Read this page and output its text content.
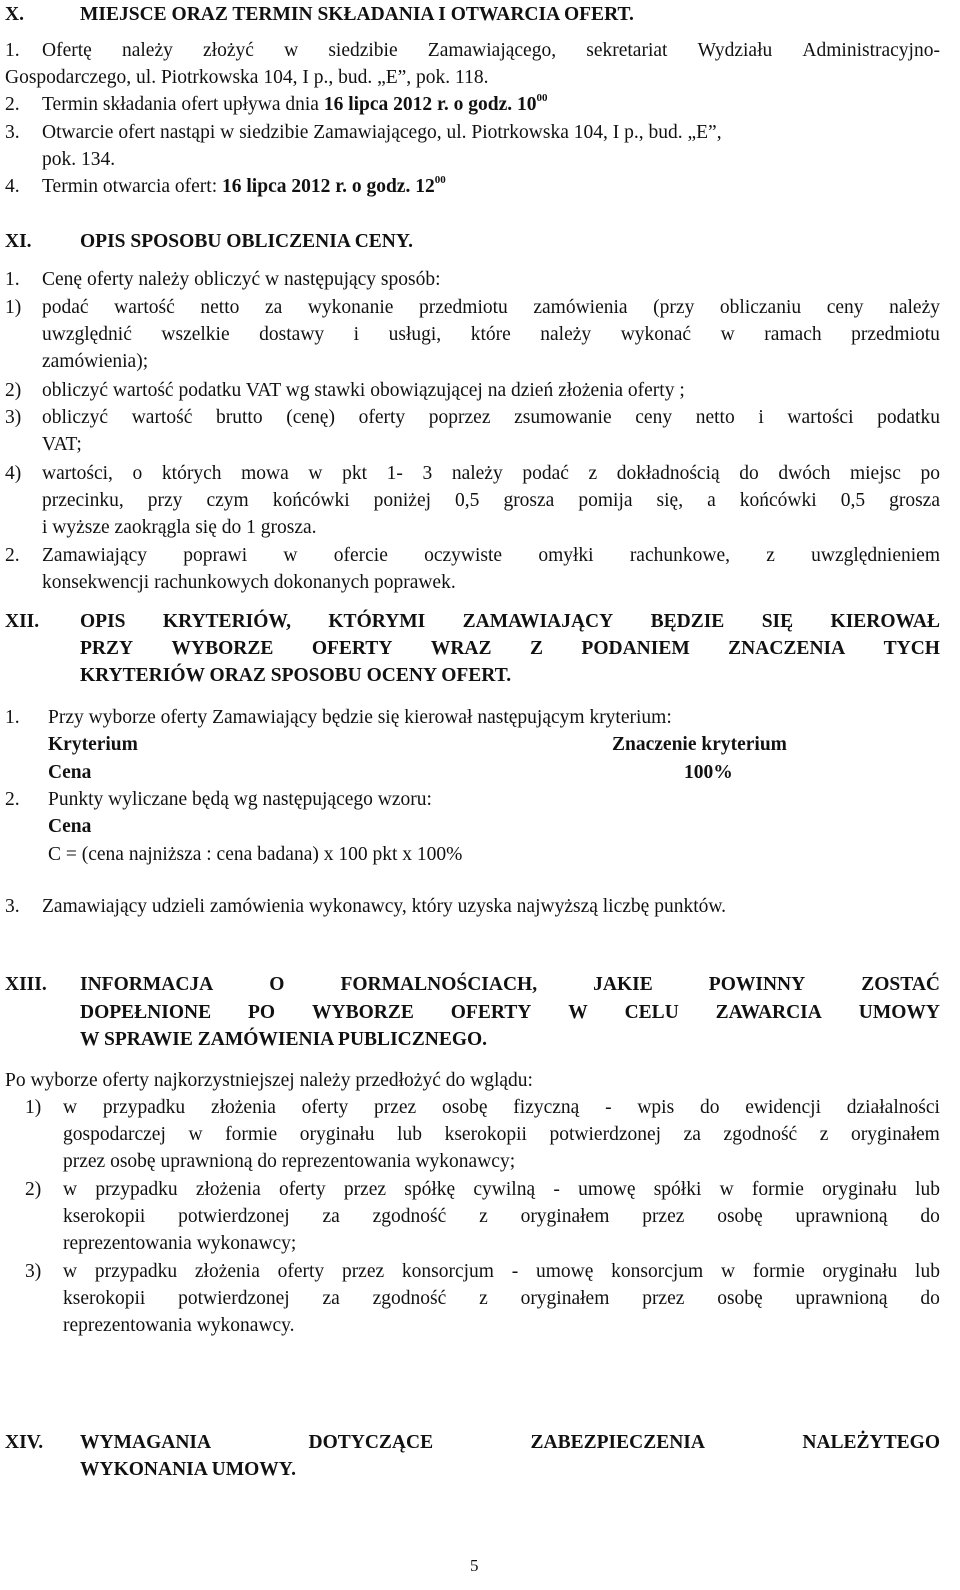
X.	MIEJSCE ORAZ TERMIN SKŁADANIA I OTWARCIA OFERT.
1. Ofertę należy złożyć w siedzibie Zamawiającego, sekretariat Wydziału Administracyjno-
Gospodarczego, ul. Piotrkowska 104, I p., bud. „E”, pok. 118.
2. Termin składania ofert upływa dnia 16 lipca 2012 r. o godz. $10^{00}$
3. Otwarcie ofert nastąpi w siedzibie Zamawiającego, ul. Piotrkowska 104, I p., bud. „E”,
pok. 134.
4. Termin otwarcia ofert: 16 lipca 2012 r. o godz. $12^{00}$
XI. OPIS SPOSOBU OBLICZENIA CENY.
1. Cenę oferty należy obliczyć w następujący sposób:
1) podać wartość netto za wykonanie przedmiotu zamówienia (przy obliczaniu ceny należy
uwzględnić wszelkie dostawy i usługi, które należy wykonać w ramach przedmiotu
zamówienia);
2) obliczyć wartość podatku VAT wg stawki obowiązującej na dzień złożenia oferty ;
3) obliczyć wartość brutto (cenę) oferty poprzez zsumowanie ceny netto i wartości podatku
VAT;
4) wartości, o których mowa w pkt 1- 3 należy podać z dokładnością do dwóch miejsc po
przecinku, przy czym końcówki poniżej 0,5 grosza pomija się, a końcówki 0,5 grosza
i wyższe zaokrągla się do 1 grosza.
2. Zamawiający poprawi w ofercie oczywiste omyłki rachunkowe, z uwzględnieniem
konsekwencji rachunkowych dokonanych poprawek.
XII. OPIS KRYTERIÓW, KTÓRYMI ZAMAWIAJĄCY BĘDZIE SIĘ KIEROWAŁ
PRZY WYBORZE OFERTY WRAZ Z PODANIEM ZNACZENIA TYCH
KRYTERIÓW ORAZ SPOSOBU OCENY OFERT.
1. Przy wyborze oferty Zamawiający będzie się kierował następującym kryterium:
Kryterium	Znaczenie kryterium
Cena	100%
2. Punkty wyliczane będą wg następującego wzoru:
Cena
C = (cena najniższa : cena badana) x 100 pkt x 100%
3. Zamawiający udzieli zamówienia wykonawcy, który uzyska najwyższą liczbę punktów.
XIII. INFORMACJA	O	FORMALNOŚCIACH,	JAKIE	POWINNY	ZOSTAĆ
DOPEŁNIONE PO WYBORZE OFERTY W CELU ZAWARCIA UMOWY
W SPRAWIE ZAMÓWIENIA PUBLICZNEGO.
Po wyborze oferty najkorzystniejszej należy przedłożyć do wglądu:
1) w przypadku złożenia oferty przez osobę fizyczną - wpis do ewidencji działalności
gospodarczej w formie oryginału lub kserokopii potwierdzonej za zgodność z oryginałem
przez osobę uprawnioną do reprezentowania wykonawcy;
2) w przypadku złożenia oferty przez spółkę cywilną - umowę spółki w formie oryginału lub
kserokopii potwierdzonej za zgodność z oryginałem przez osobę uprawnioną do
reprezentowania wykonawcy;
3) w przypadku złożenia oferty przez konsorcjum - umowę konsorcjum w formie oryginału lub
kserokopii potwierdzonej za zgodność z oryginałem przez osobę uprawnioną do
reprezentowania wykonawcy.
XIV. WYMAGANIA	DOTYCZĄCE	ZABEZPIECZENIA	NALEŻYTEGO
WYKONANIA UMOWY.
5
